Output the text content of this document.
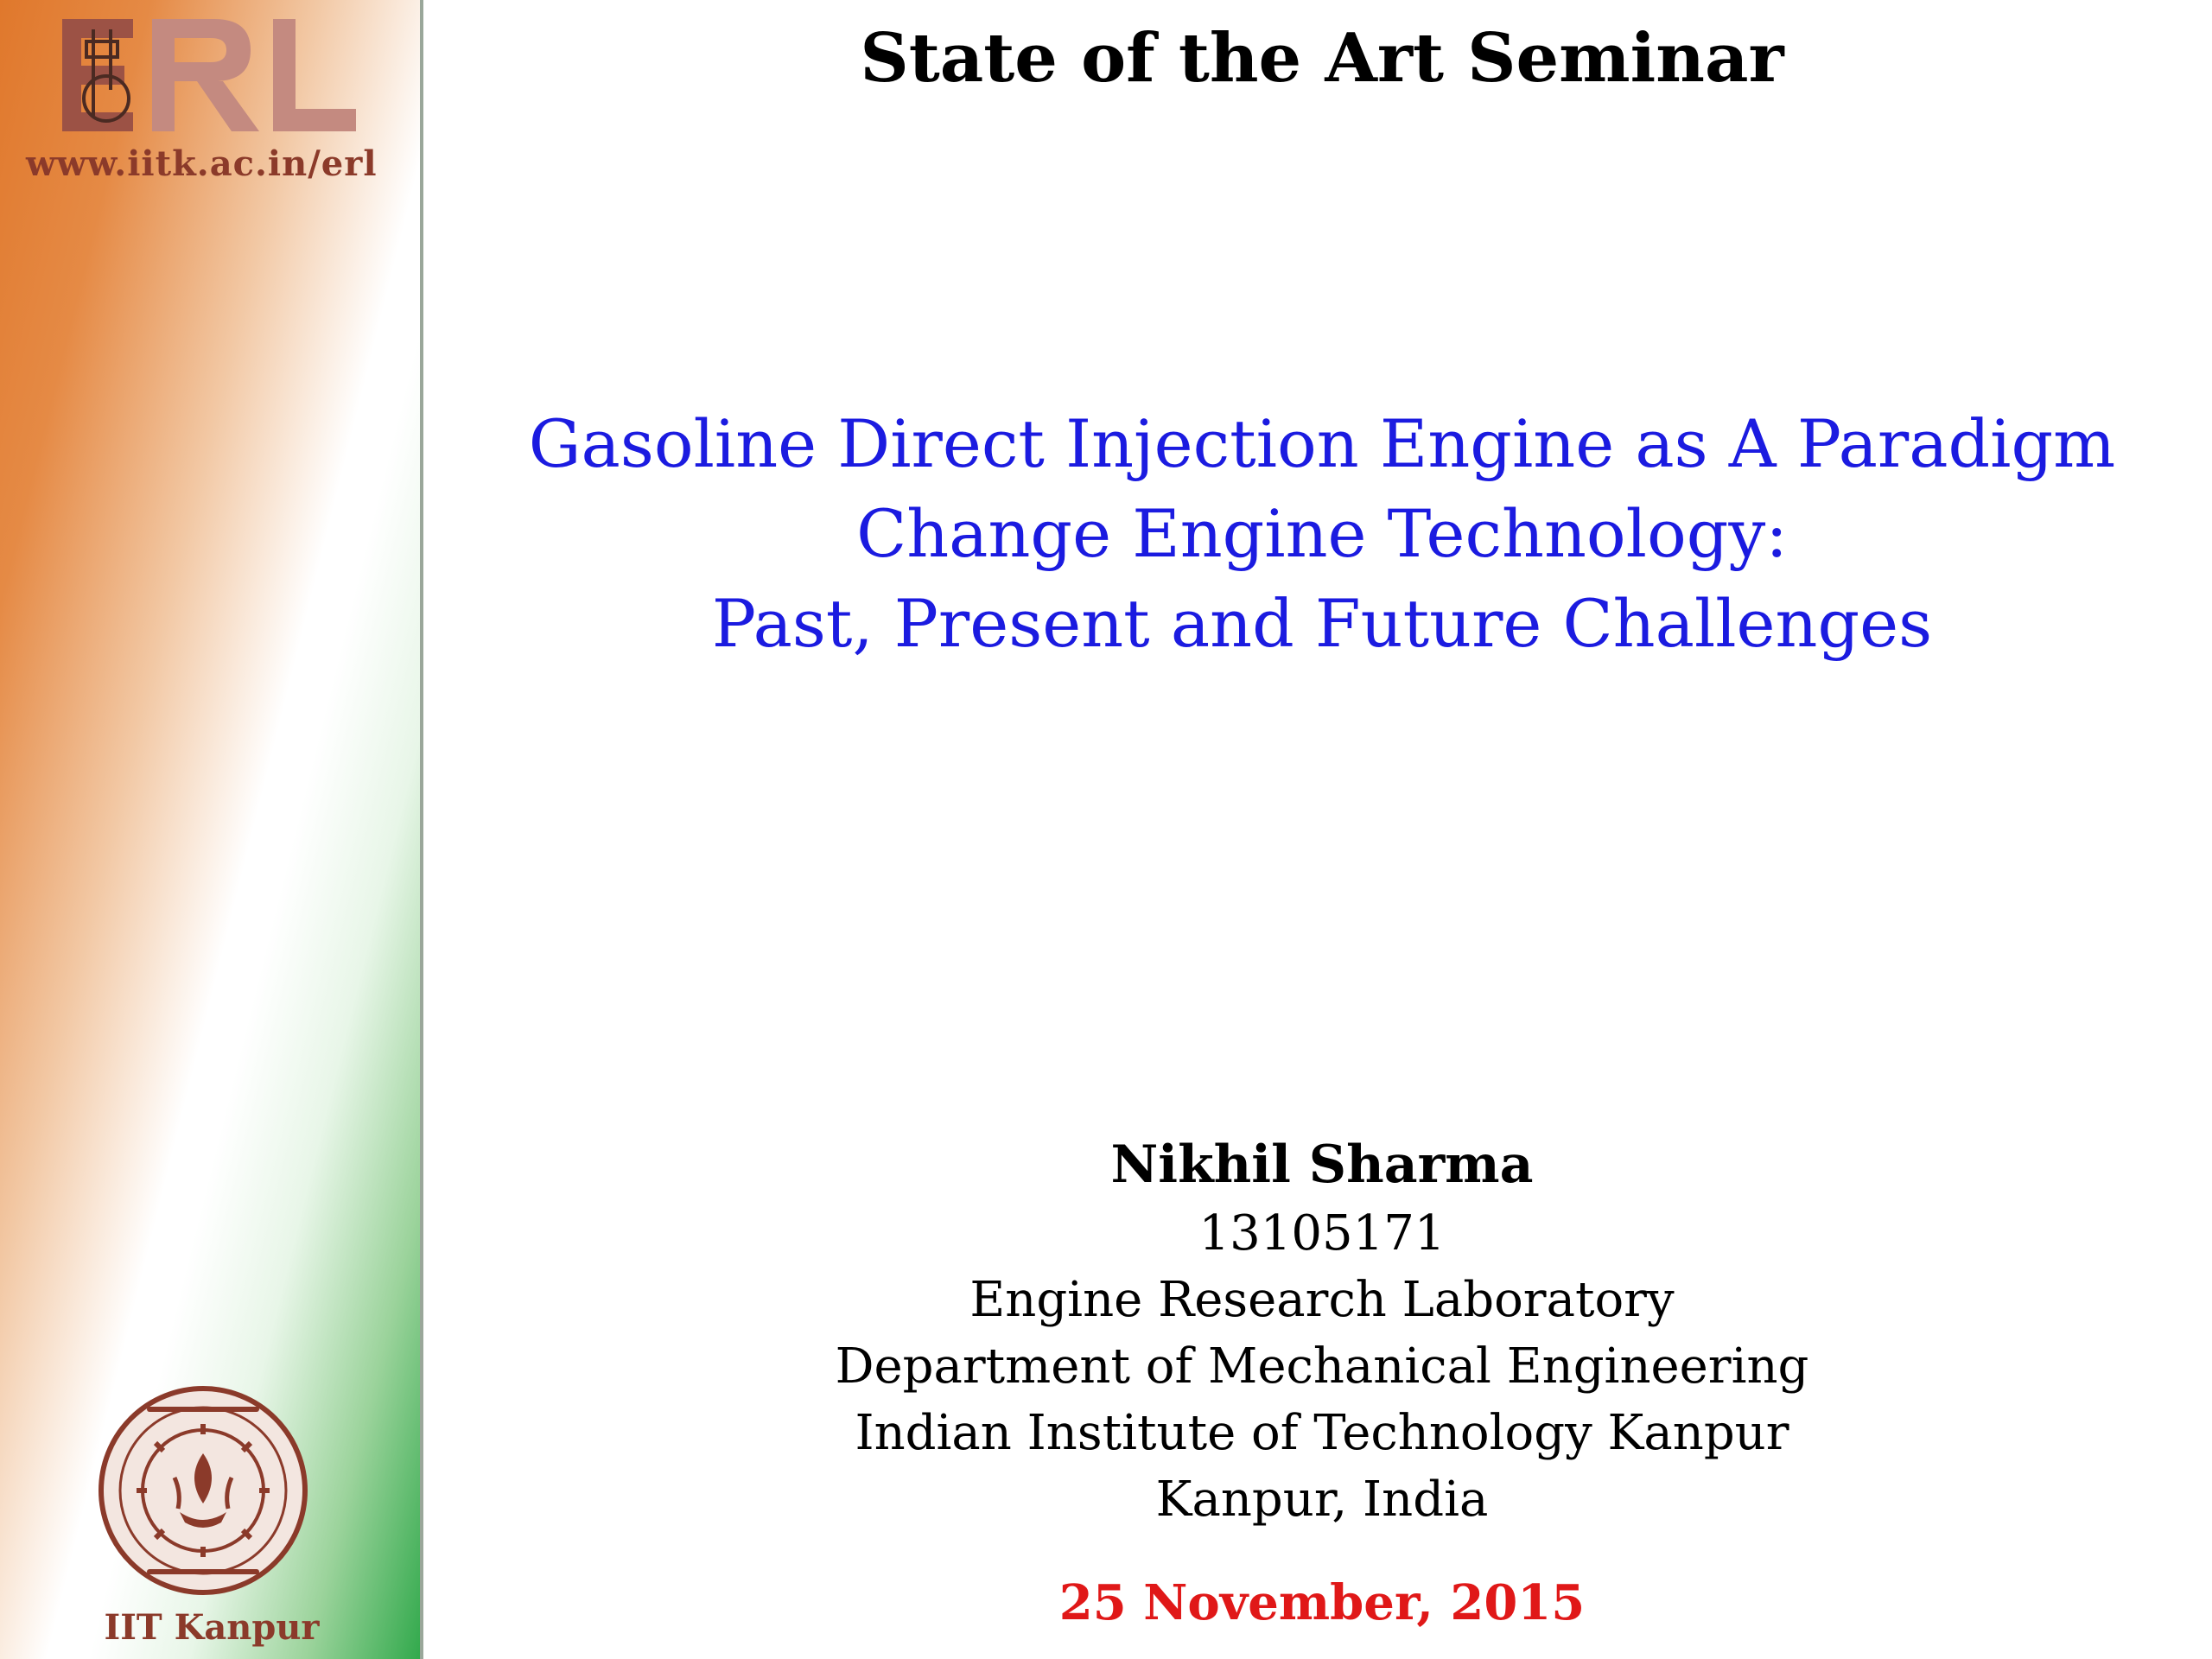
www.iitk.ac.in/erl
IIT Kanpur
State of the Art Seminar
Gasoline Direct Injection Engine as A Paradigm
Change Engine Technology:
Past, Present and Future Challenges
Nikhil Sharma
13105171
Engine Research Laboratory
Department of Mechanical Engineering
Indian Institute of Technology Kanpur
Kanpur, India
25 November, 2015
